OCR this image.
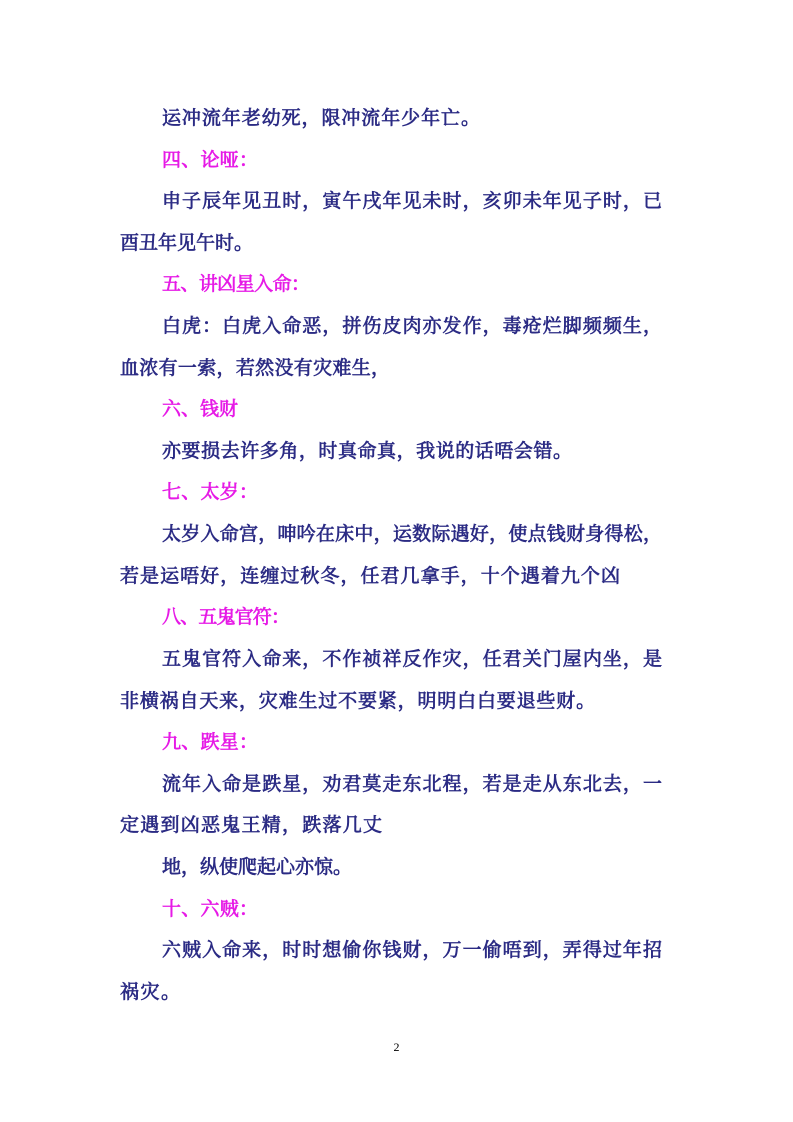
运冲流年老幼死，限冲流年少年亡。
四、论哑：
申子辰年见丑时，寅午戌年见未时，亥卯未年见子时，已
酉丑年见午时。
五、讲凶星入命：
白虎：白虎入命恶，拼伤皮肉亦发作，毒疮烂脚频频生，
血浓有一索，若然没有灾难生，
六、钱财
亦要损去许多角，时真命真，我说的话唔会错。
七、太岁：
太岁入命宫，呻吟在床中，运数际遇好，使点钱财身得松，
若是运唔好，连缠过秋冬，任君几拿手，十个遇着九个凶
八、五鬼官符：
五鬼官符入命来，不作祯祥反作灾，任君关门屋内坐，是
非横祸自天来，灾难生过不要紧，明明白白要退些财。
九、跌星：
流年入命是跌星，劝君莫走东北程，若是走从东北去，一
定遇到凶恶鬼王精，跌落几丈
地，纵使爬起心亦惊。
十、六贼：
六贼入命来，时时想偷你钱财，万一偷唔到，弄得过年招
祸灾。
2
